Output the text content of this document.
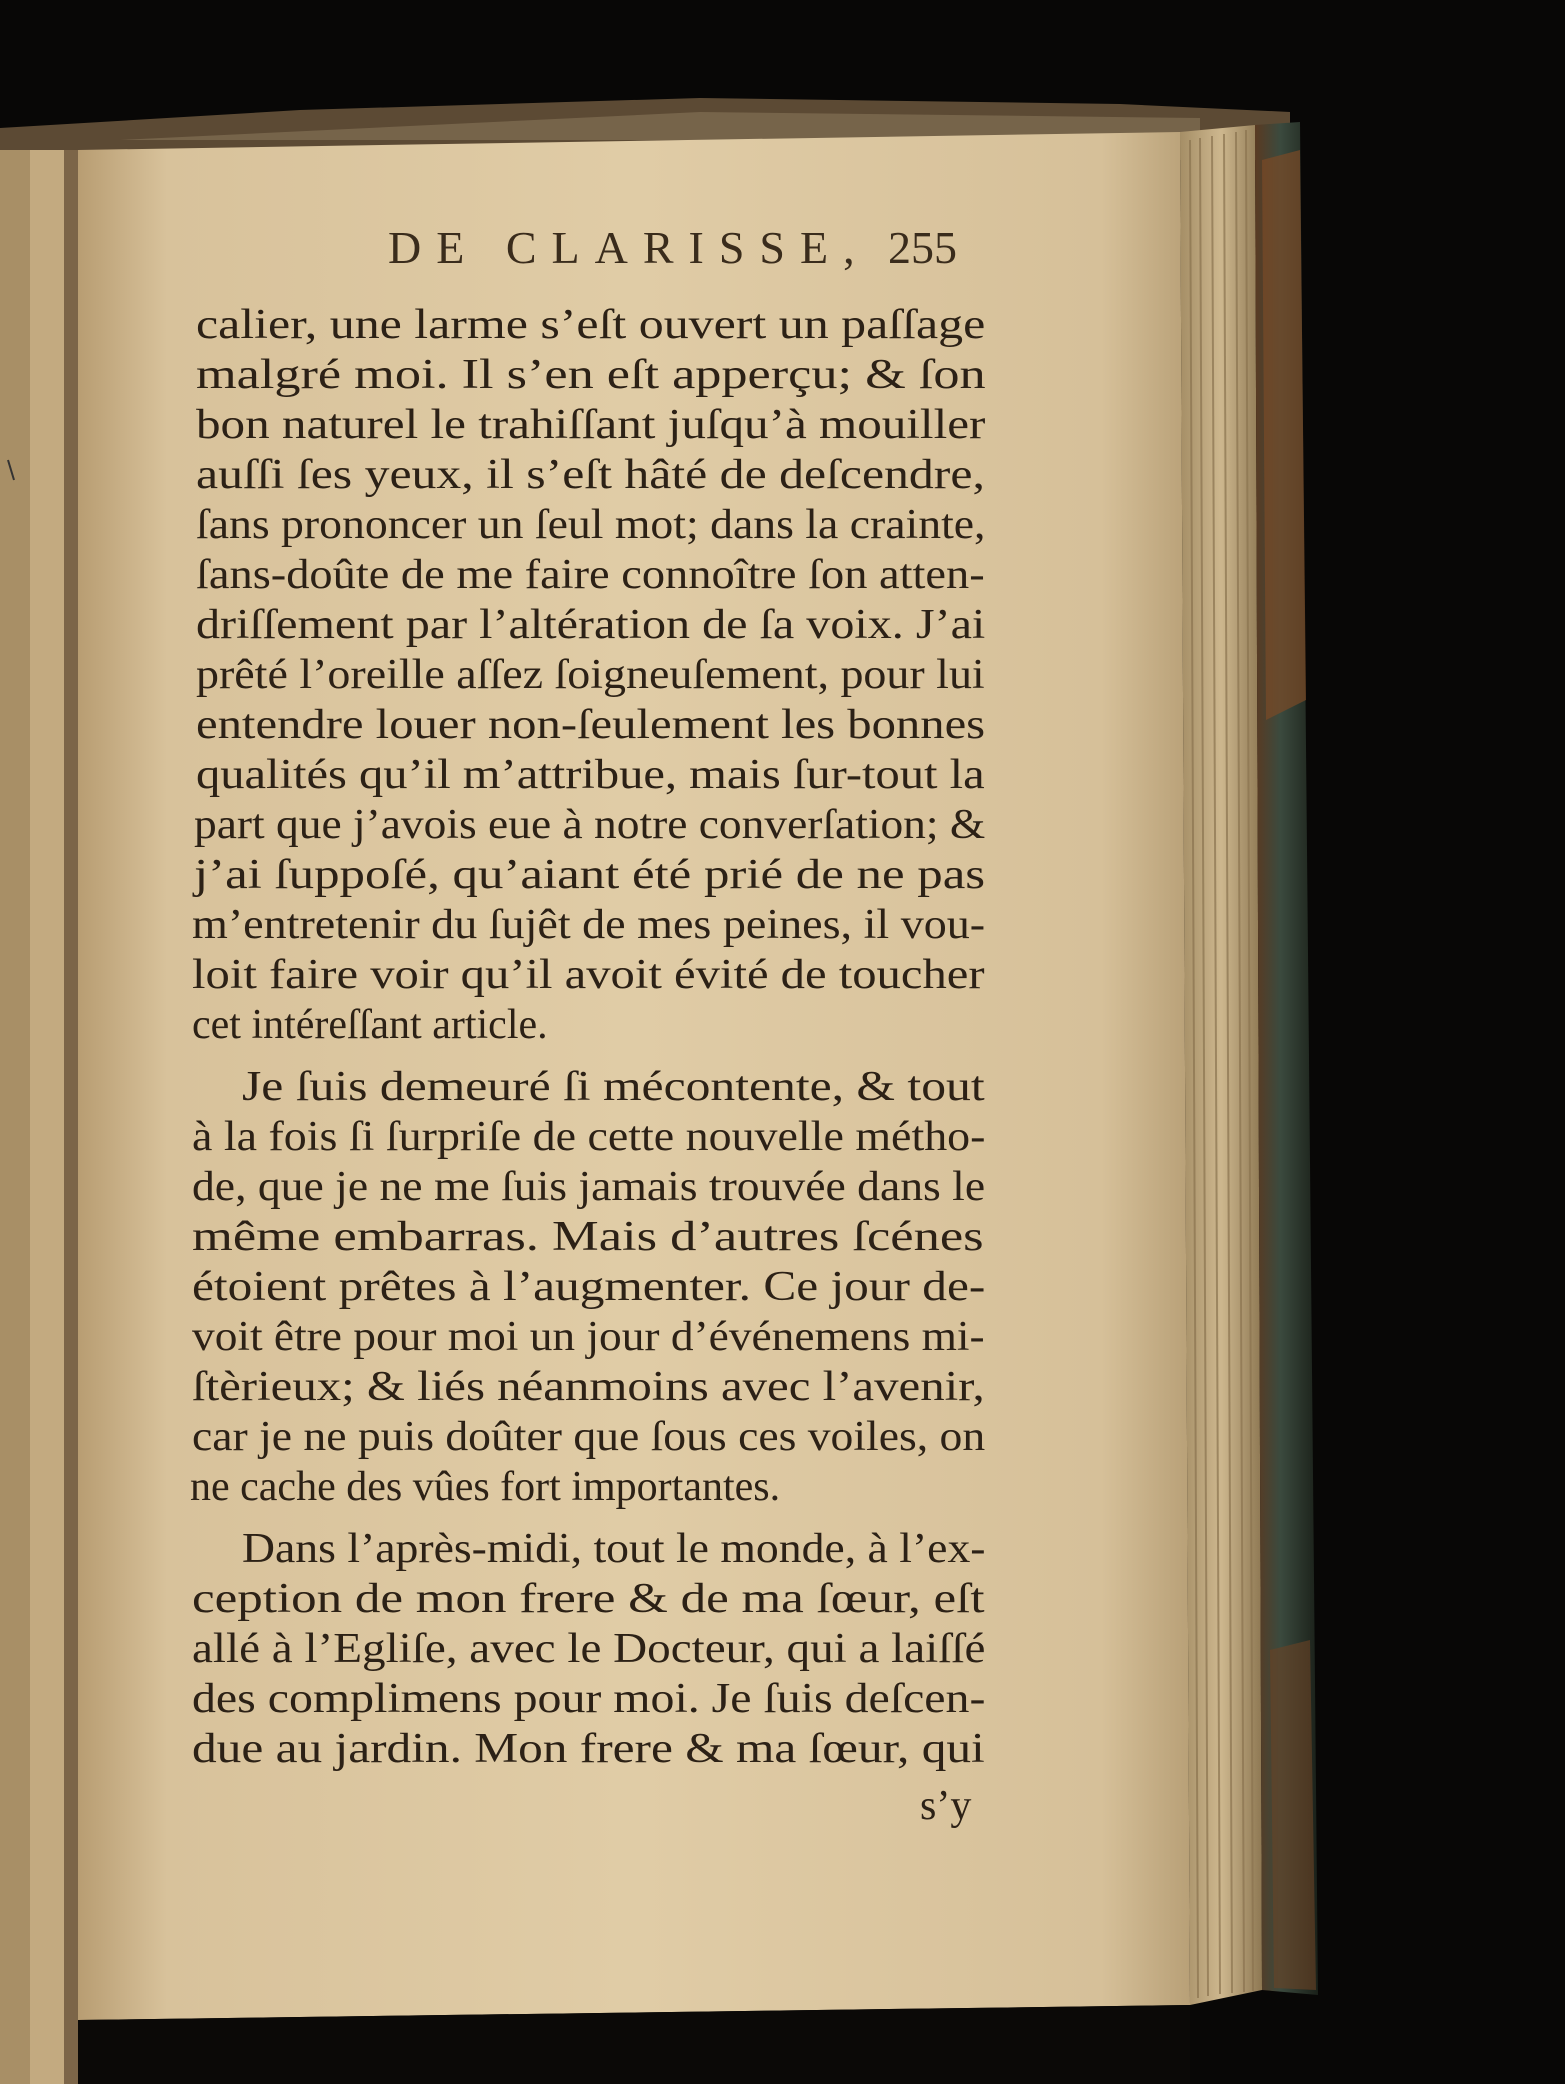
DE CLARISSE, 255
calier, une larme s’eſt ouvert un paſſage
malgré moi. Il s’en eſt apperçu; & ſon
bon naturel le trahiſſant juſqu’à mouiller
auſſi ſes yeux, il s’eſt hâté de deſcendre,
ſans prononcer un ſeul mot; dans la crainte,
ſans-doûte de me faire connoître ſon atten-
driſſement par l’altération de ſa voix. J’ai
prêté l’oreille aſſez ſoigneuſement, pour lui
entendre louer non-ſeulement les bonnes
qualités qu’il m’attribue, mais ſur-tout la
part que j’avois eue à notre converſation; &
j’ai ſuppoſé, qu’aiant été prié de ne pas
m’entretenir du ſujêt de mes peines, il vou-
loit faire voir qu’il avoit évité de toucher
cet intéreſſant article.
Je ſuis demeuré ſi mécontente, & tout
à la fois ſi ſurpriſe de cette nouvelle métho-
de, que je ne me ſuis jamais trouvée dans le
même embarras. Mais d’autres ſcénes
étoient prêtes à l’augmenter. Ce jour de-
voit être pour moi un jour d’événemens mi-
ſtèrieux; & liés néanmoins avec l’avenir,
car je ne puis doûter que ſous ces voiles, on
ne cache des vûes fort importantes.
Dans l’après-midi, tout le monde, à l’ex-
ception de mon frere & de ma ſœur, eſt
allé à l’Egliſe, avec le Docteur, qui a laiſſé
des complimens pour moi. Je ſuis deſcen-
due au jardin. Mon frere & ma ſœur, qui
s’y
